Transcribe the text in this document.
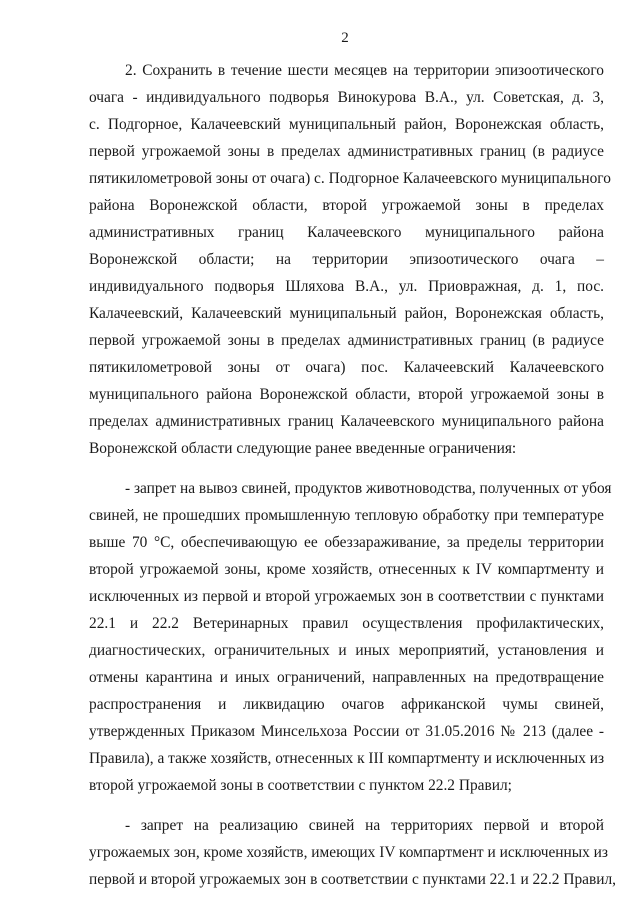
2
2. Сохранить в течение шести месяцев на территории эпизоотического
очага - индивидуального подворья Винокурова В.А., ул. Советская, д. 3,
с. Подгорное, Калачеевский муниципальный район, Воронежская область,
первой угрожаемой зоны в пределах административных границ (в радиусе
пятикилометровой зоны от очага) с. Подгорное Калачеевского муниципального
района Воронежской области, второй угрожаемой зоны в пределах
административных границ Калачеевского муниципального района
Воронежской области; на территории эпизоотического очага –
индивидуального подворья Шляхова В.А., ул. Приовражная, д. 1, пос.
Калачеевский, Калачеевский муниципальный район, Воронежская область,
первой угрожаемой зоны в пределах административных границ (в радиусе
пятикилометровой зоны от очага) пос. Калачеевский Калачеевского
муниципального района Воронежской области, второй угрожаемой зоны в
пределах административных границ Калачеевского муниципального района
Воронежской области следующие ранее введенные ограничения:
- запрет на вывоз свиней, продуктов животноводства, полученных от убоя
свиней, не прошедших промышленную тепловую обработку при температуре
выше 70 °С, обеспечивающую ее обеззараживание, за пределы территории
второй угрожаемой зоны, кроме хозяйств, отнесенных к IV компартменту и
исключенных из первой и второй угрожаемых зон в соответствии с пунктами
22.1 и 22.2 Ветеринарных правил осуществления профилактических,
диагностических, ограничительных и иных мероприятий, установления и
отмены карантина и иных ограничений, направленных на предотвращение
распространения и ликвидацию очагов африканской чумы свиней,
утвержденных Приказом Минсельхоза России от 31.05.2016 № 213 (далее -
Правила), а также хозяйств, отнесенных к III компартменту и исключенных из
второй угрожаемой зоны в соответствии с пунктом 22.2 Правил;
- запрет на реализацию свиней на территориях первой и второй
угрожаемых зон, кроме хозяйств, имеющих IV компартмент и исключенных из
первой и второй угрожаемых зон в соответствии с пунктами 22.1 и 22.2 Правил,
